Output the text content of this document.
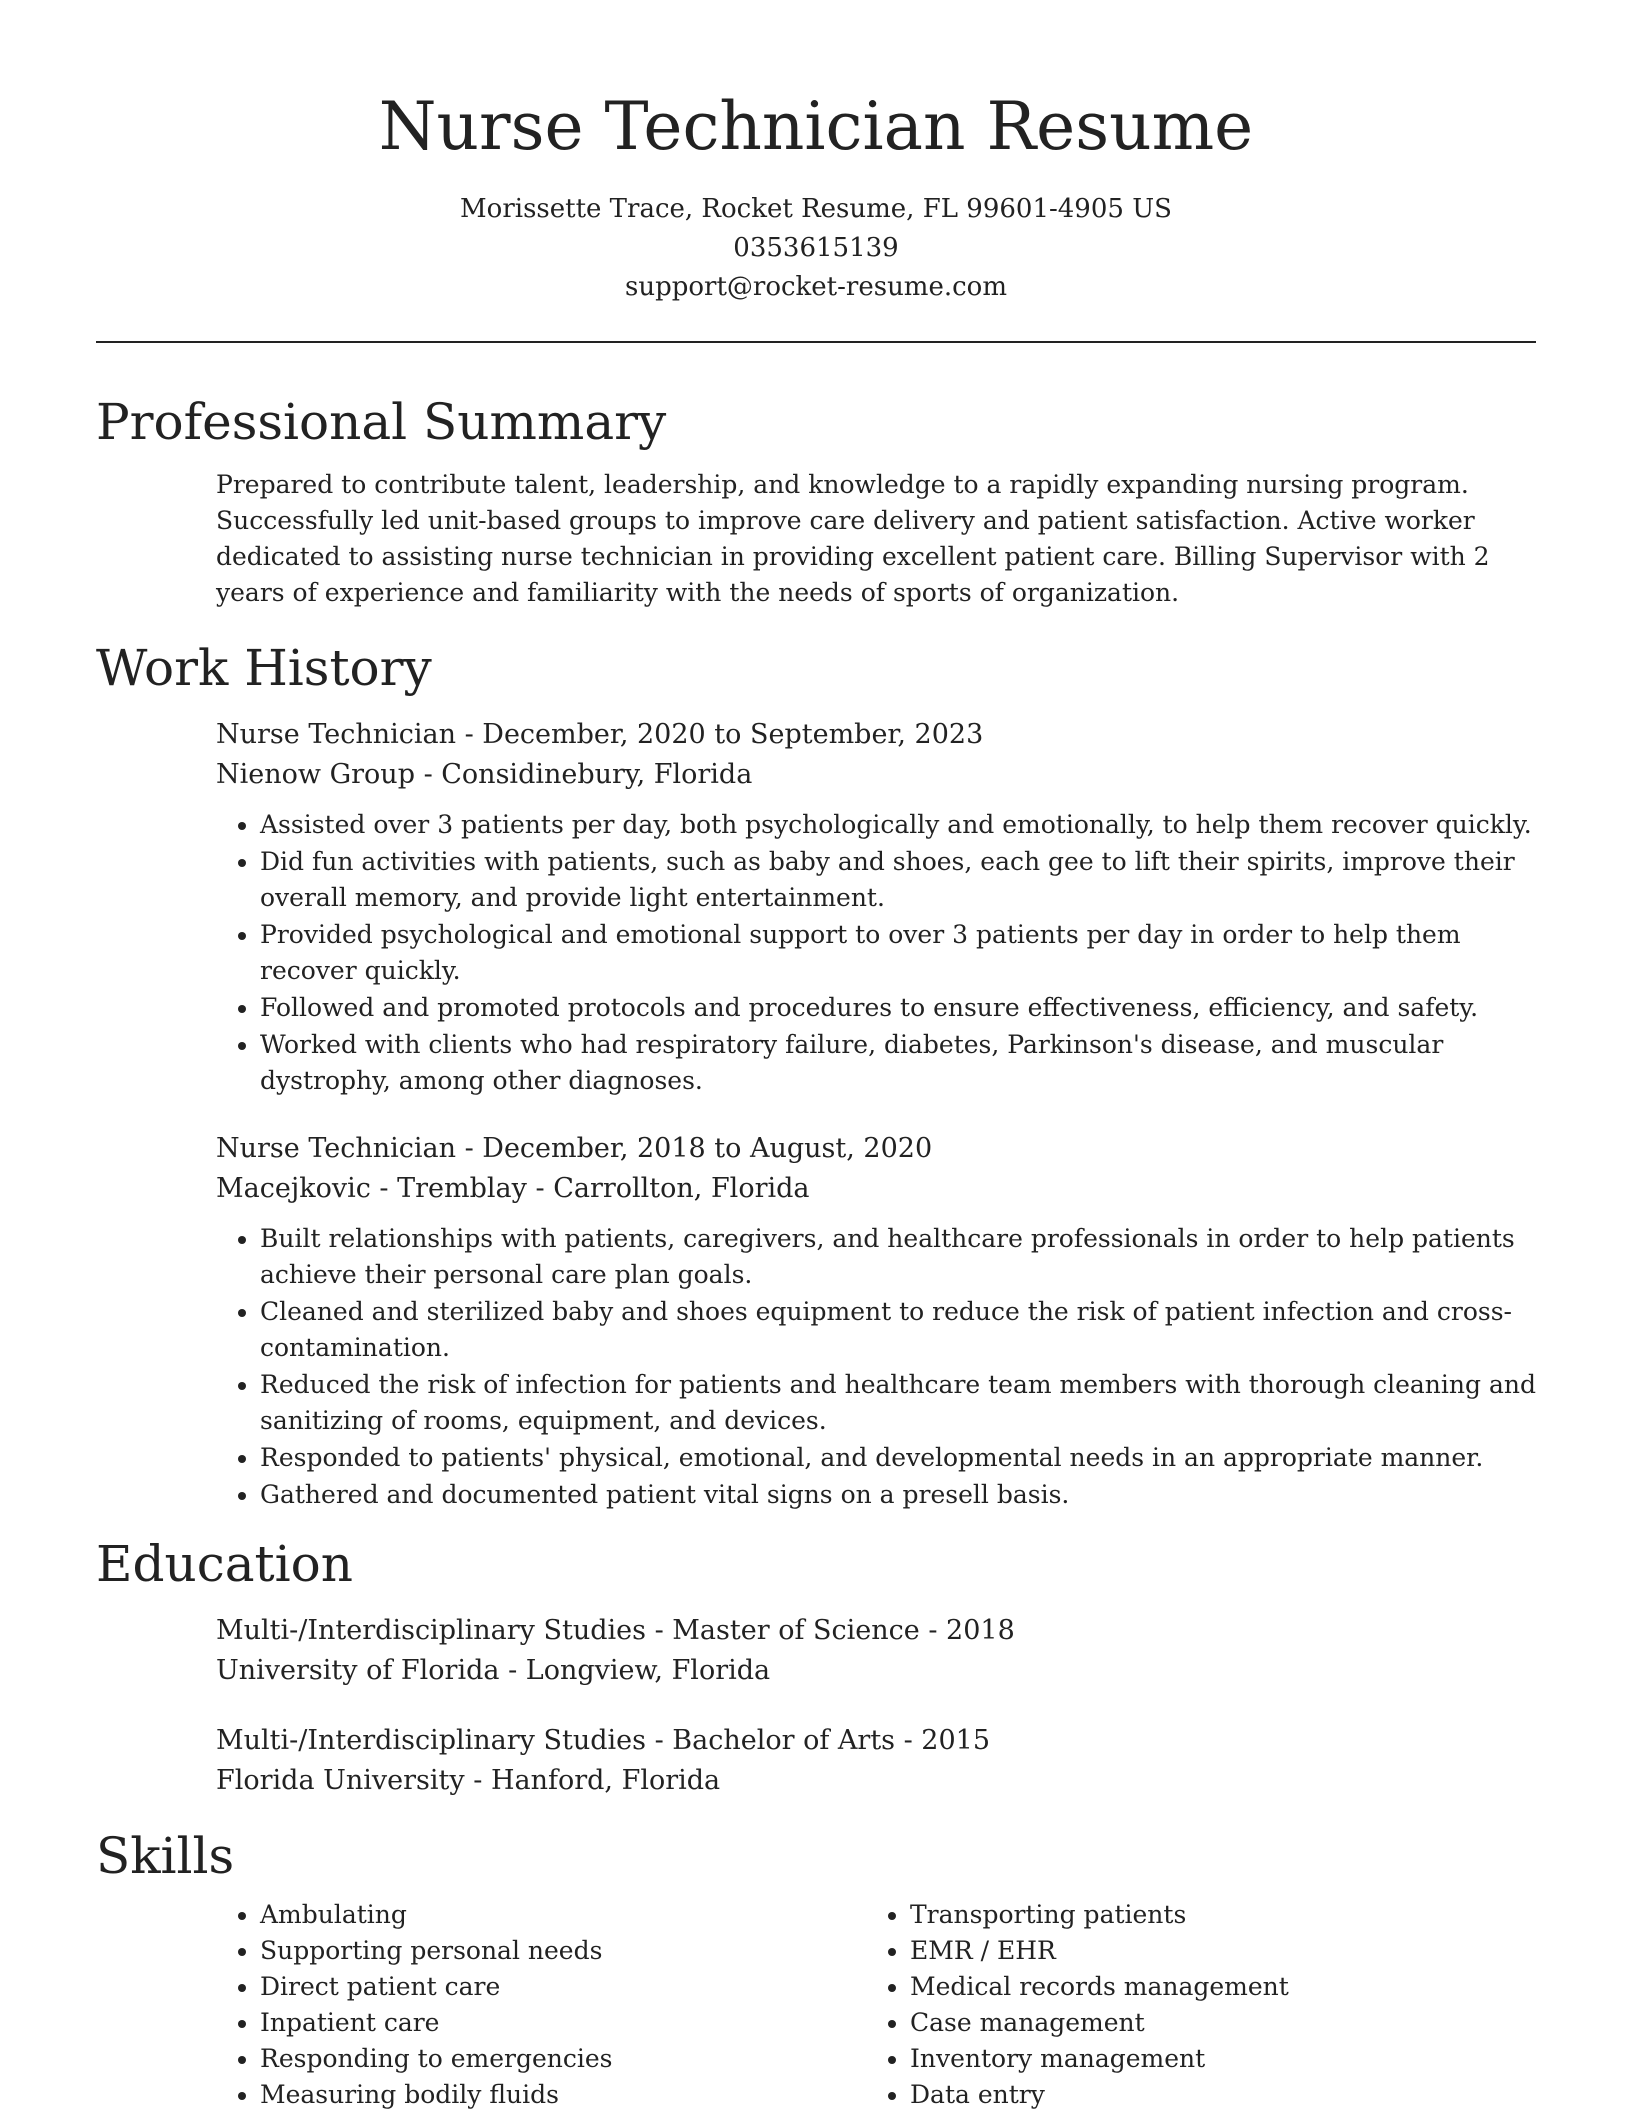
Nurse Technician Resume
Morissette Trace, Rocket Resume, FL 99601-4905 US
0353615139
support@rocket-resume.com
Professional Summary

Prepared to contribute talent, leadership, and knowledge to a rapidly expanding nursing program. Successfully led unit-based groups to improve care delivery and patient satisfaction. Active worker dedicated to assisting nurse technician in providing excellent patient care. Billing Supervisor with 2 years of experience and familiarity with the needs of sports of organization.

Work History
Nurse Technician - December, 2020 to September, 2023
Nienow Group - Considinebury, Florida
• Assisted over 3 patients per day, both psychologically and emotionally, to help them recover quickly.
• Did fun activities with patients, such as baby and shoes, each gee to lift their spirits, improve their overall memory, and provide light entertainment.
• Provided psychological and emotional support to over 3 patients per day in order to help them recover quickly.
• Followed and promoted protocols and procedures to ensure effectiveness, efficiency, and safety.
• Worked with clients who had respiratory failure, diabetes, Parkinson's disease, and muscular dystrophy, among other diagnoses.
Nurse Technician - December, 2018 to August, 2020
Macejkovic - Tremblay - Carrollton, Florida
• Built relationships with patients, caregivers, and healthcare professionals in order to help patients achieve their personal care plan goals.
• Cleaned and sterilized baby and shoes equipment to reduce the risk of patient infection and cross-contamination.
• Reduced the risk of infection for patients and healthcare team members with thorough cleaning and sanitizing of rooms, equipment, and devices.
• Responded to patients' physical, emotional, and developmental needs in an appropriate manner.
• Gathered and documented patient vital signs on a presell basis.
Education
Multi-/Interdisciplinary Studies - Master of Science - 2018
University of Florida - Longview, Florida
Multi-/Interdisciplinary Studies - Bachelor of Arts - 2015
Florida University - Hanford, Florida
Skills
• Ambulating
• Supporting personal needs
• Direct patient care
• Inpatient care
• Responding to emergencies
• Measuring bodily fluids
• Transporting patients
• EMR / EHR
• Medical records management
• Case management
• Inventory management
• Data entry
